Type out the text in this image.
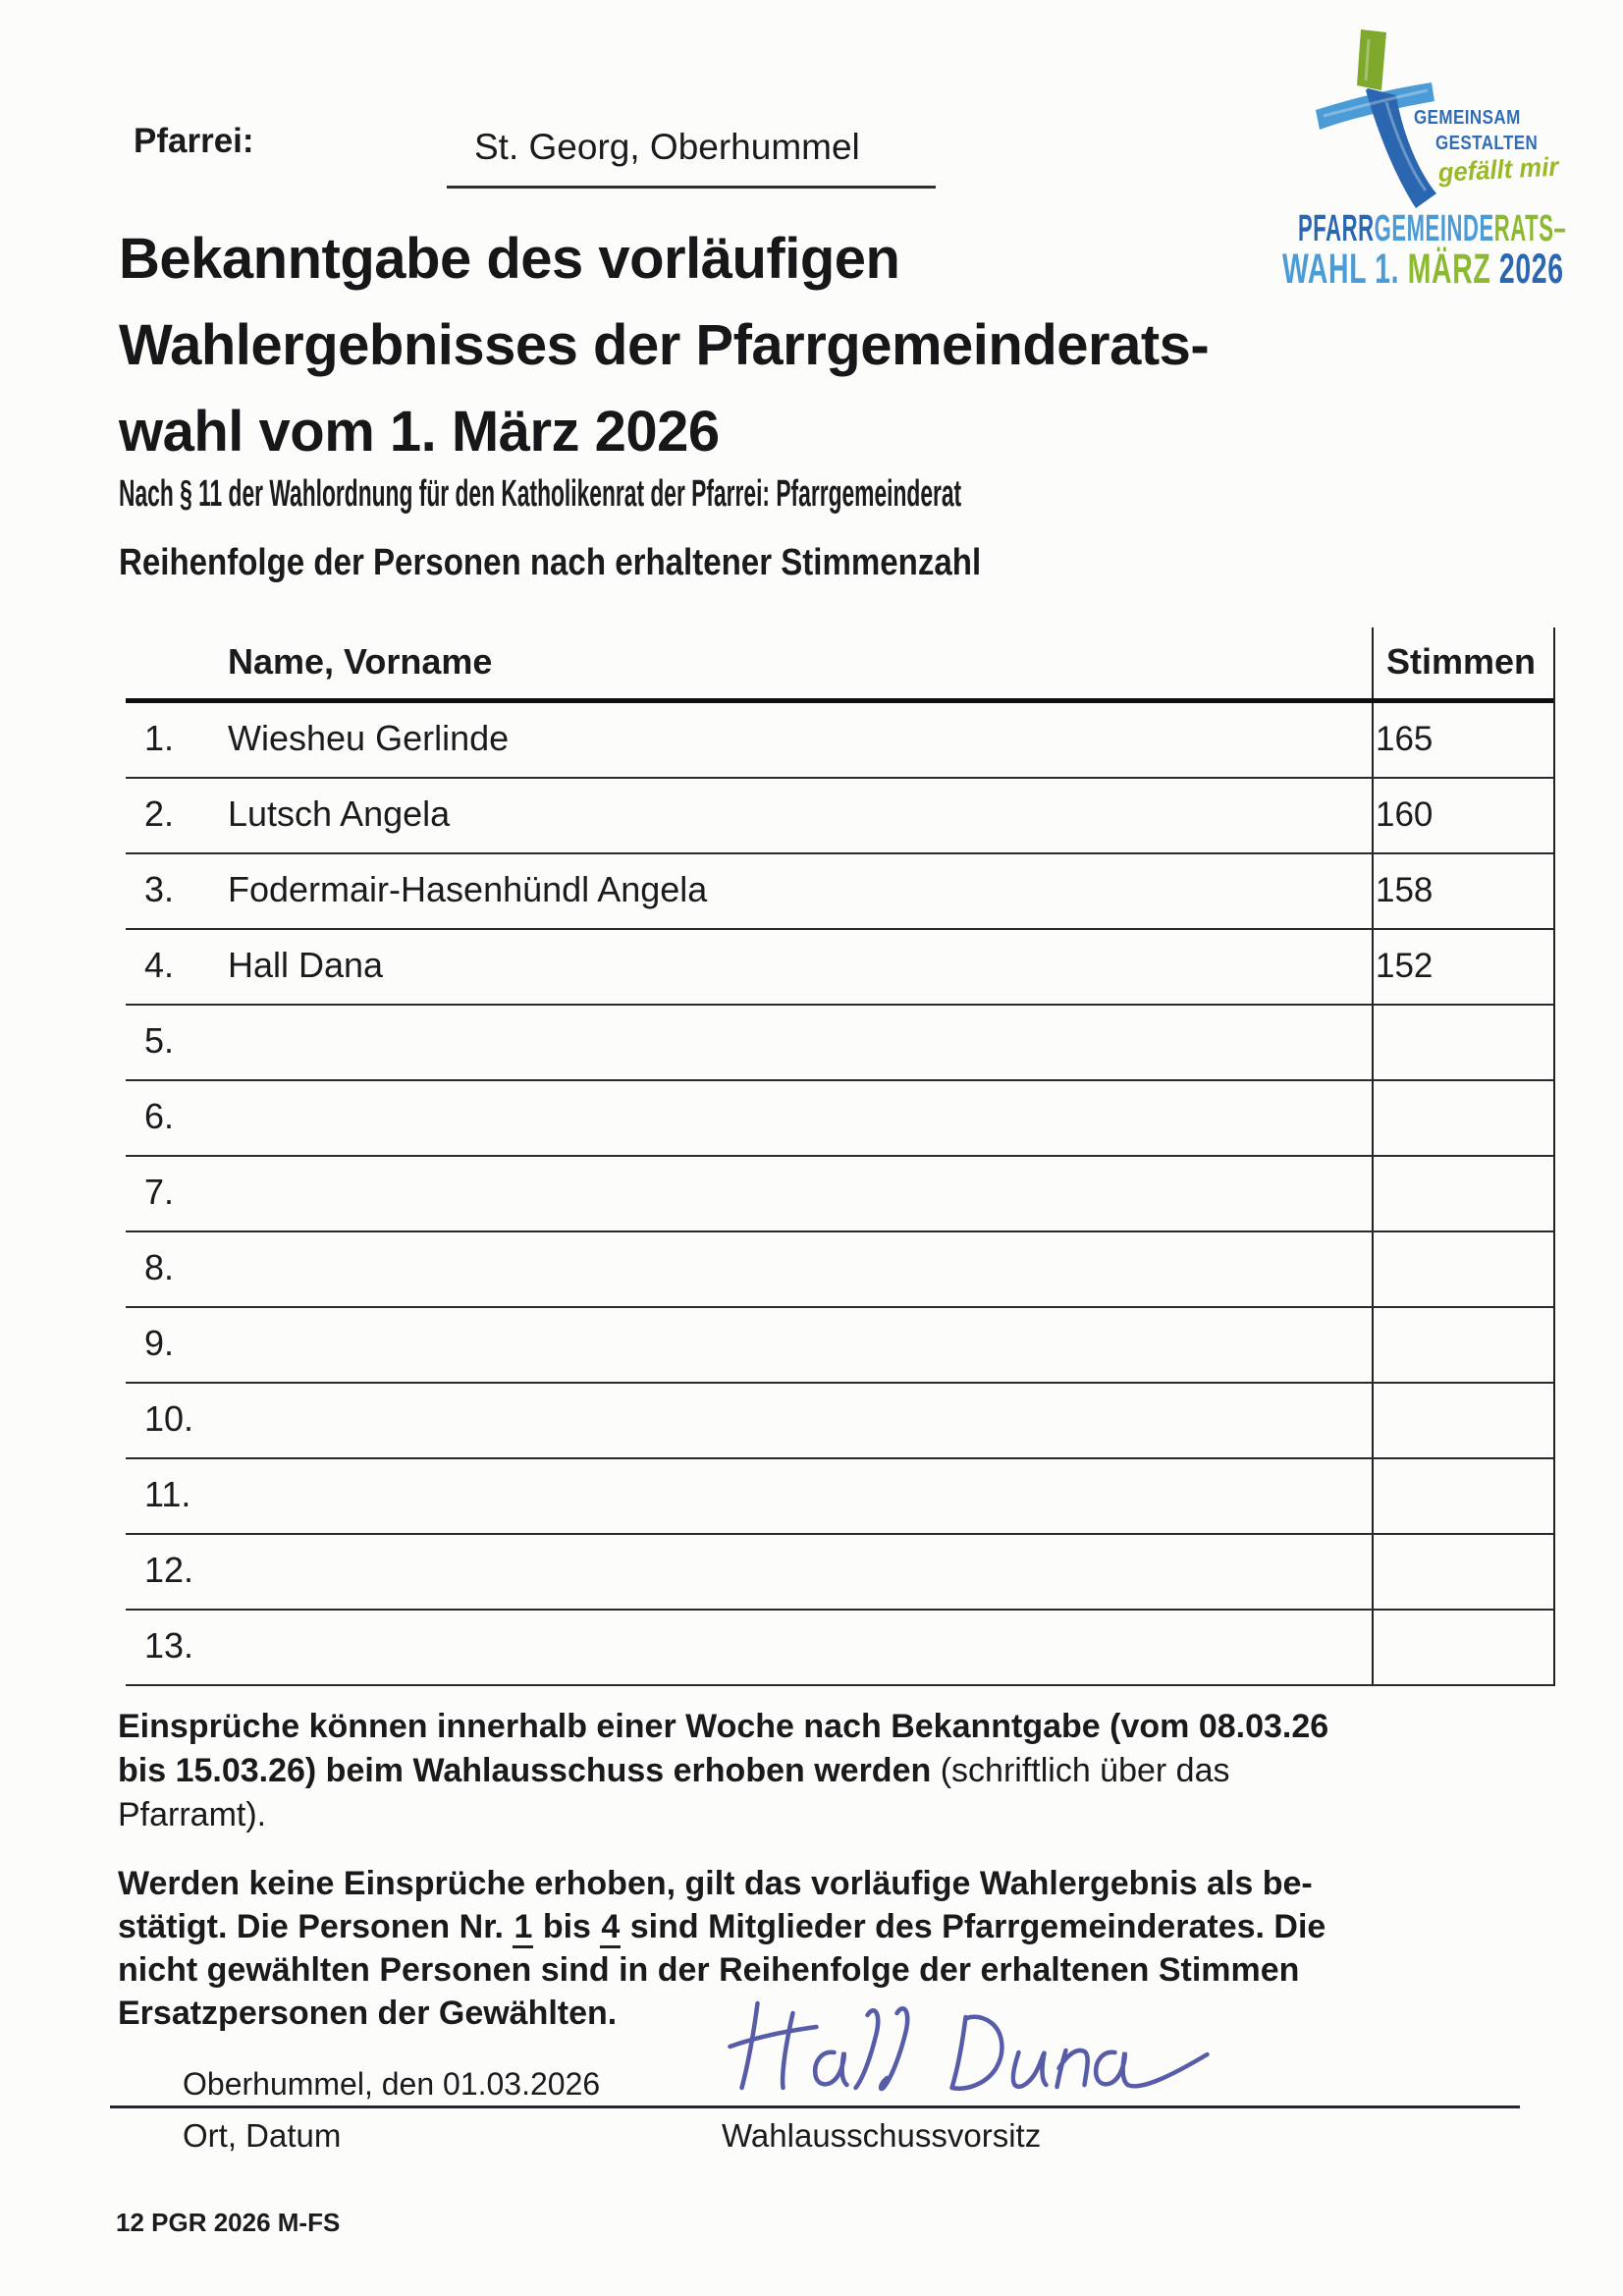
Pfarrei:	St. Georg, Oberhummel
GEMEINSAM
GESTALTEN
gefällt mir
PFARRGEMEINDERATS–
WAHL 1. MÄRZ 2026
Bekanntgabe des vorläufigen
Wahlergebnisses der Pfarrgemeinderats-
wahl vom 1. März 2026
Nach § 11 der Wahlordnung für den Katholikenrat der Pfarrei: Pfarrgemeinderat
Reihenfolge der Personen nach erhaltener Stimmenzahl
Name, Vorname	Stimmen
1. Wiesheu Gerlinde	165
2. Lutsch Angela	160
3. Fodermair-Hasenhündl Angela	158
4. Hall Dana	152
5.
6.
7.
8.
9.
10.
11.
12.
13.
Einsprüche können innerhalb einer Woche nach Bekanntgabe (vom 08.03.26
bis 15.03.26) beim Wahlausschuss erhoben werden (schriftlich über das
Pfarramt).
Werden keine Einsprüche erhoben, gilt das vorläufige Wahlergebnis als be-
stätigt. Die Personen Nr. 1 bis 4 sind Mitglieder des Pfarrgemeinderates. Die
nicht gewählten Personen sind in der Reihenfolge der erhaltenen Stimmen
Ersatzpersonen der Gewählten.
Oberhummel, den 01.03.2026
Ort, Datum	Wahlausschussvorsitz
12 PGR 2026 M-FS
